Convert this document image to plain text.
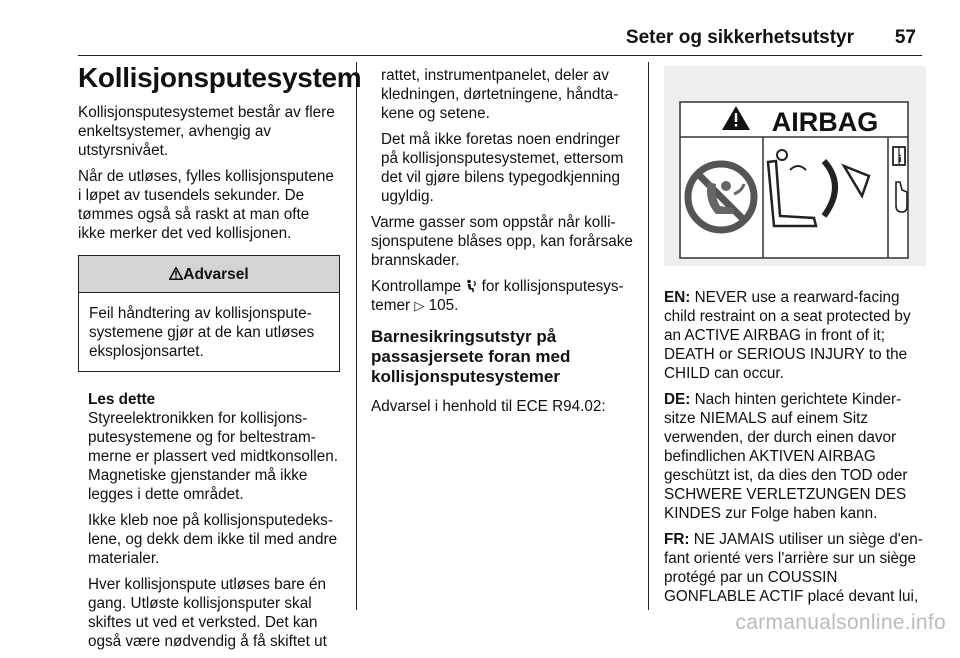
Seter og sikkerhetsutstyr 57
Kollisjonsputesystem

Kollisjonsputesystemet består av flere enkeltsystemer, avhengig av utstyrsnivået.

Når de utløses, fylles kollisjonsputene i løpet av tusendels sekunder. De tømmes også så raskt at man ofte ikke merker det ved kollisjonen.

Advarsel
Feil håndtering av kollisjonsputesystemene gjør at de kan utløses eksplosjonsartet.
Les dette

Styreelektronikken for kollisjonsputesystemene og for beltestrammerne er plassert ved midtkonsollen. Magnetiske gjenstander må ikke legges i dette området.

Ikke kleb noe på kollisjonsputedekslene, og dekk dem ikke til med andre materialer.

Hver kollisjonspute utløses bare én gang. Utløste kollisjonsputer skal skiftes ut ved et verksted. Det kan også være nødvendig å få skiftet ut

rattet, instrumentpanelet, deler av kledningen, dørtetningene, håndtakene og setene.

Det må ikke foretas noen endringer på kollisjonsputesystemet, ettersom det vil gjøre bilens typegodkjenning ugyldig.

Varme gasser som oppstår når kollisjonsputene blåses opp, kan forårsake brannskader.

Kontrollampe for kollisjonsputesystemer ▷ 105.

Barnesikringsutstyr på passasjersete foran med kollisjonsputesystemer

Advarsel i henhold til ECE R94.02:

AIRBAG
i

EN: NEVER use a rearward-facing child restraint on a seat protected by an ACTIVE AIRBAG in front of it; DEATH or SERIOUS INJURY to the CHILD can occur.

DE: Nach hinten gerichtete Kindersitze NIEMALS auf einem Sitz verwenden, der durch einen davor befindlichen AKTIVEN AIRBAG geschützt ist, da dies den TOD oder SCHWERE VERLETZUNGEN DES KINDES zur Folge haben kann.

FR: NE JAMAIS utiliser un siège d'enfant orienté vers l'arrière sur un siège protégé par un COUSSIN GONFLABLE ACTIF placé devant lui,

carmanualsonline.info
